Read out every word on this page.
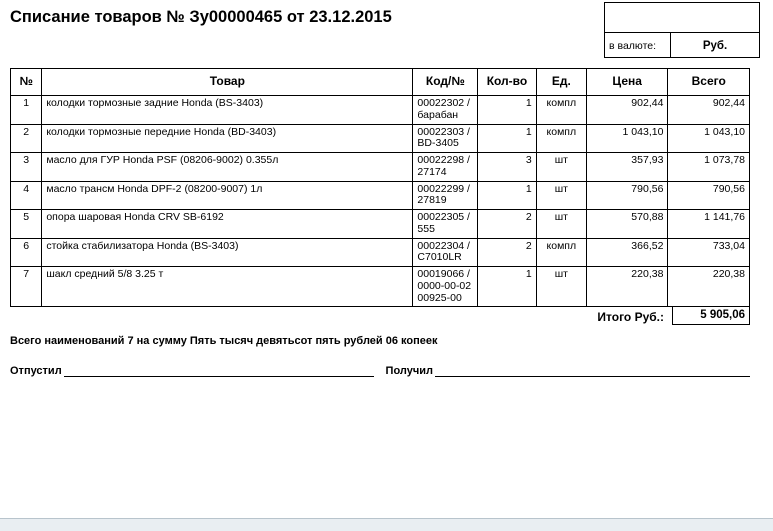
Списание товаров № Зу00000465 от 23.12.2015
в валюте:	Руб.
№	Товар	Код/№	Кол-во	Ед.	Цена	Всего
1	колодки тормозные задние Honda (BS-3403)	00022302 / барабан	1	компл	902,44	902,44
2	колодки тормозные передние Honda (BD-3403)	00022303 / BD-3405	1	компл	1 043,10	1 043,10
3	масло для ГУР Honda PSF (08206-9002) 0.355л	00022298 / 27174	3	шт	357,93	1 073,78
4	масло трансм Honda DPF-2 (08200-9007) 1л	00022299 / 27819	1	шт	790,56	790,56
5	опора шаровая Honda CRV SB-6192	00022305 / 555	2	шт	570,88	1 141,76
6	стойка стабилизатора Honda (BS-3403)	00022304 / C7010LR	2	компл	366,52	733,04
7	шакл средний 5/8 3.25 т	00019066 / 0000-00-02 00925-00	1	шт	220,38	220,38
Итого Руб.:	5 905,06
Всего наименований 7 на сумму Пять тысяч девятьсот пять рублей 06 копеек
Отпустил	Получил
